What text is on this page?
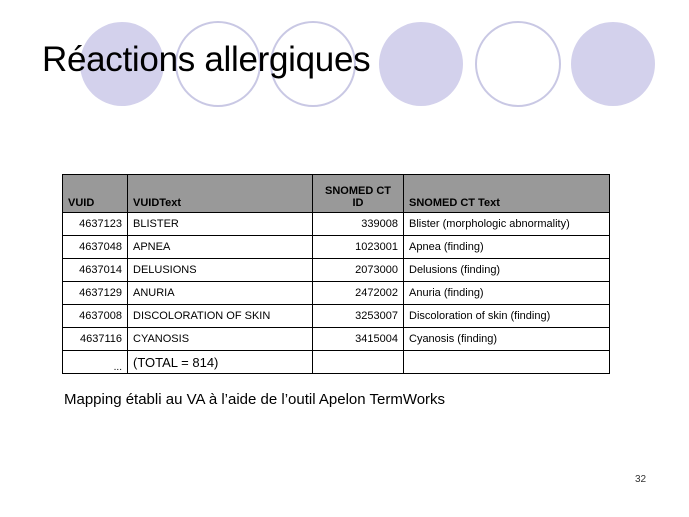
Réactions allergiques
VUID	VUIDText	SNOMED CT ID	SNOMED CT Text
4637123	BLISTER	339008	Blister (morphologic abnormality)
4637048	APNEA	1023001	Apnea (finding)
4637014	DELUSIONS	2073000	Delusions (finding)
4637129	ANURIA	2472002	Anuria (finding)
4637008	DISCOLORATION OF SKIN	3253007	Discoloration of skin (finding)
4637116	CYANOSIS	3415004	Cyanosis (finding)
...	(TOTAL = 814)		
Mapping établi au VA à l’aide de l’outil Apelon TermWorks
32
